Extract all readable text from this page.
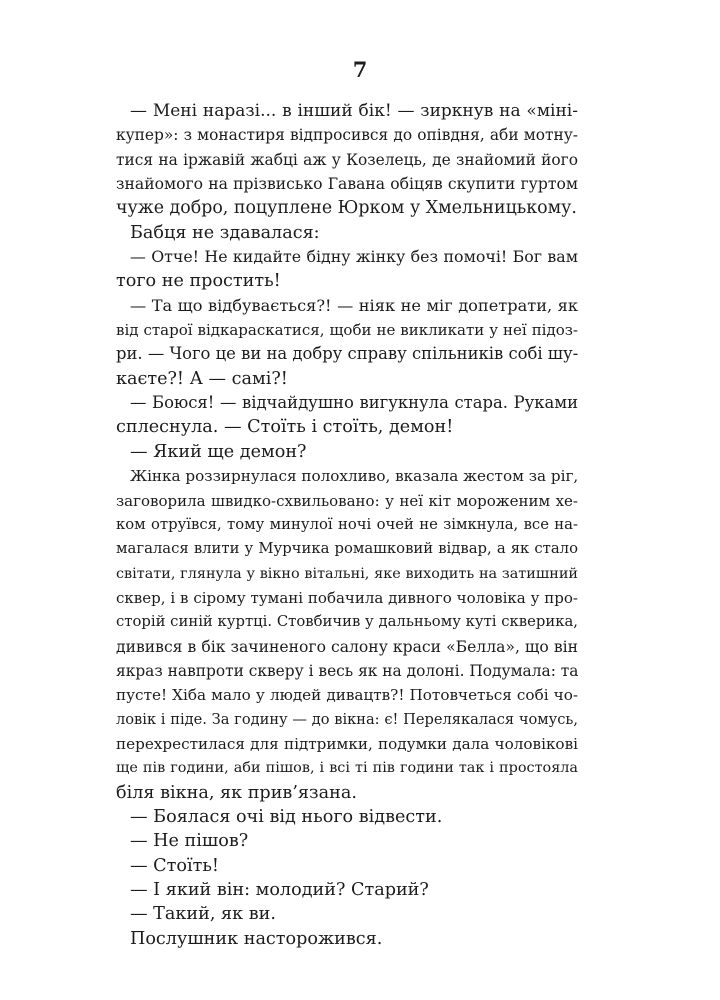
7
— Мені наразі... в інший бік! — зиркнув на «міні-
купер»: з монастиря відпросився до опівдня, аби мотну-
тися на іржавій жабці аж у Козелець, де знайомий його
знайомого на прізвисько Гавана обіцяв скупити гуртом
чуже добро, поцуплене Юрком у Хмельницькому.
Бабця не здавалася:
— Отче! Не кидайте бідну жінку без помочі! Бог вам
того не простить!
— Та що відбувається?! — ніяк не міг допетрати, як
від старої відкараскатися, щоби не викликати у неї підоз-
ри. — Чого це ви на добру справу спільників собі шу-
каєте?! А — самі?!
— Боюся! — відчайдушно вигукнула стара. Руками
сплеснула. — Стоїть і стоїть, демон!
— Який ще демон?
Жінка роззирнулася полохливо, вказала жестом за ріг,
заговорила швидко-схвильовано: у неї кіт мороженим хе-
ком отруївся, тому минулої ночі очей не зімкнула, все на-
магалася влити у Мурчика ромашковий відвар, а як стало
світати, глянула у вікно вітальні, яке виходить на затишний
сквер, і в сірому тумані побачила дивного чоловіка у про-
сторій синій куртці. Стовбичив у дальньому куті скверика,
дивився в бік зачиненого салону краси «Белла», що він
якраз навпроти скверу і весь як на долоні. Подумала: та
пусте! Хіба мало у людей дивацтв?! Потовчеться собі чо-
ловік і піде. За годину — до вікна: є! Перелякалася чомусь,
перехрестилася для підтримки, подумки дала чоловікові
ще пів години, аби пішов, і всі ті пів години так і простояла
біля вікна, як прив’язана.
— Боялася очі від нього відвести.
— Не пішов?
— Стоїть!
— І який він: молодий? Старий?
— Такий, як ви.
Послушник насторожився.
